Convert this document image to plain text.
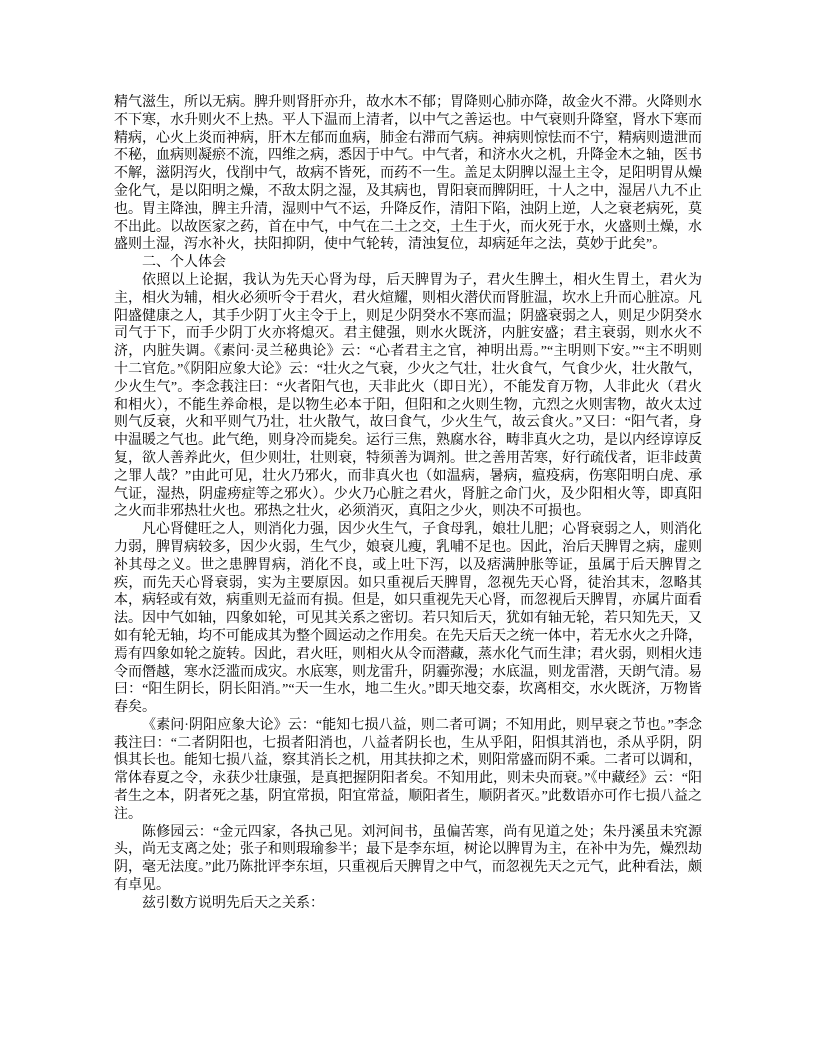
精气滋生，所以无病。脾升则肾肝亦升，故水木不郁；胃降则心肺亦降，故金火不滞。火降则水不下寒，水升则火不上热。平人下温而上清者，以中气之善运也。中气衰则升降窒，肾水下寒而精病，心火上炎而神病，肝木左郁而血病，肺金右滞而气病。神病则惊怯而不宁，精病则遗泄而不秘，血病则凝瘀不流，四维之病，悉因于中气。中气者，和济水火之机，升降金木之轴，医书不解，滋阴泻火，伐削中气，故病不皆死，而药不一生。盖足太阴脾以湿土主令，足阳明胃从燥金化气，是以阳明之燥，不敌太阴之湿，及其病也，胃阳衰而脾阴旺，十人之中，湿居八九不止也。胃主降浊，脾主升清，湿则中气不运，升降反作，清阳下陷，浊阴上逆，人之衰老病死，莫不出此。以故医家之药，首在中气，中气在二土之交，土生于火，而火死于水，火盛则土燥，水盛则土湿，泻水补火，扶阳抑阴，使中气轮转，清浊复位，却病延年之法，莫妙于此矣”。

二、个人体会

依照以上论据，我认为先天心肾为母，后天脾胃为子，君火生脾土，相火生胃土，君火为主，相火为辅，相火必须听令于君火，君火煊耀，则相火潜伏而肾脏温，坎水上升而心脏凉。凡阳盛健康之人，其手少阴丁火主令于上，则足少阴癸水不寒而温；阴盛衰弱之人，则足少阴癸水司气于下，而手少阴丁火亦将熄灭。君主健强，则水火既济，内脏安盛；君主衰弱，则水火不济，内脏失调。《素问·灵兰秘典论》云：“心者君主之官，神明出焉。”“主明则下安。”“主不明则十二官危。”《阴阳应象大论》云：“壮火之气衰，少火之气壮，壮火食气，气食少火，壮火散气，少火生气”。李念莪注曰：“火者阳气也，天非此火（即日光），不能发育万物，人非此火（君火和相火），不能生养命根，是以物生必本于阳，但阳和之火则生物，亢烈之火则害物，故火太过则气反衰，火和平则气乃壮，壮火散气，故曰食气，少火生气，故云食火。”又曰：“阳气者，身中温暖之气也。此气绝，则身冷而毙矣。运行三焦，熟腐水谷，畴非真火之功，是以内经谆谆反复，欲人善养此火，但少则壮，壮则衰，特须善为调剂。世之善用苦寒，好行疏伐者，讵非歧黄之罪人哉？”由此可见，壮火乃邪火，而非真火也（如温病，暑病，瘟疫病，伤寒阳明白虎、承气证，湿热，阴虚痨症等之邪火）。少火乃心脏之君火，肾脏之命门火，及少阳相火等，即真阳之火而非邪热壮火也。邪热之壮火，必须消灭，真阳之少火，则决不可损也。

凡心肾健旺之人，则消化力强，因少火生气，子食母乳，娘壮儿肥；心肾衰弱之人，则消化力弱，脾胃病较多，因少火弱，生气少，娘衰儿瘦，乳哺不足也。因此，治后天脾胃之病，虚则补其母之义。世之患脾胃病，消化不良，或上吐下泻，以及痞满肿胀等证，虽属于后天脾胃之疾，而先天心肾衰弱，实为主要原因。如只重视后天脾胃，忽视先天心肾，徒治其末，忽略其本，病轻或有效，病重则无益而有损。但是，如只重视先天心肾，而忽视后天脾胃，亦属片面看法。因中气如轴，四象如轮，可见其关系之密切。若只知后天，犹如有轴无轮，若只知先天，又如有轮无轴，均不可能成其为整个圆运动之作用矣。在先天后天之统一体中，若无水火之升降，焉有四象如轮之旋转。因此，君火旺，则相火从令而潜藏，蒸水化气而生津；君火弱，则相火违令而僭越，寒水泛滥而成灾。水底寒，则龙雷升，阴霾弥漫；水底温，则龙雷潜，天朗气清。易曰：“阳生阴长，阴长阳消。”“天一生水，地二生火。”即天地交泰，坎离相交，水火既济，万物皆春矣。

《素问·阴阳应象大论》云：“能知七损八益，则二者可调；不知用此，则早衰之节也。”李念莪注曰：“二者阴阳也，七损者阳消也，八益者阴长也，生从乎阳，阳惧其消也，杀从乎阴，阴惧其长也。能知七损八益，察其消长之机，用其扶抑之术，则阳常盛而阴不乘。二者可以调和，常体春夏之令，永获少壮康强，是真把握阴阳者矣。不知用此，则未央而衰。”《中藏经》云：“阳者生之本，阴者死之基，阴宜常损，阳宜常益，顺阳者生，顺阴者灭。”此数语亦可作七损八益之注。

陈修园云：“金元四家，各执己见。刘河间书，虽偏苦寒，尚有见道之处；朱丹溪虽未究源头，尚无支离之处；张子和则瑕瑜参半；最下是李东垣，树论以脾胃为主，在补中为先，燥烈劫阴，毫无法度。”此乃陈批评李东垣，只重视后天脾胃之中气，而忽视先天之元气，此种看法，颇有卓见。

兹引数方说明先后天之关系：
